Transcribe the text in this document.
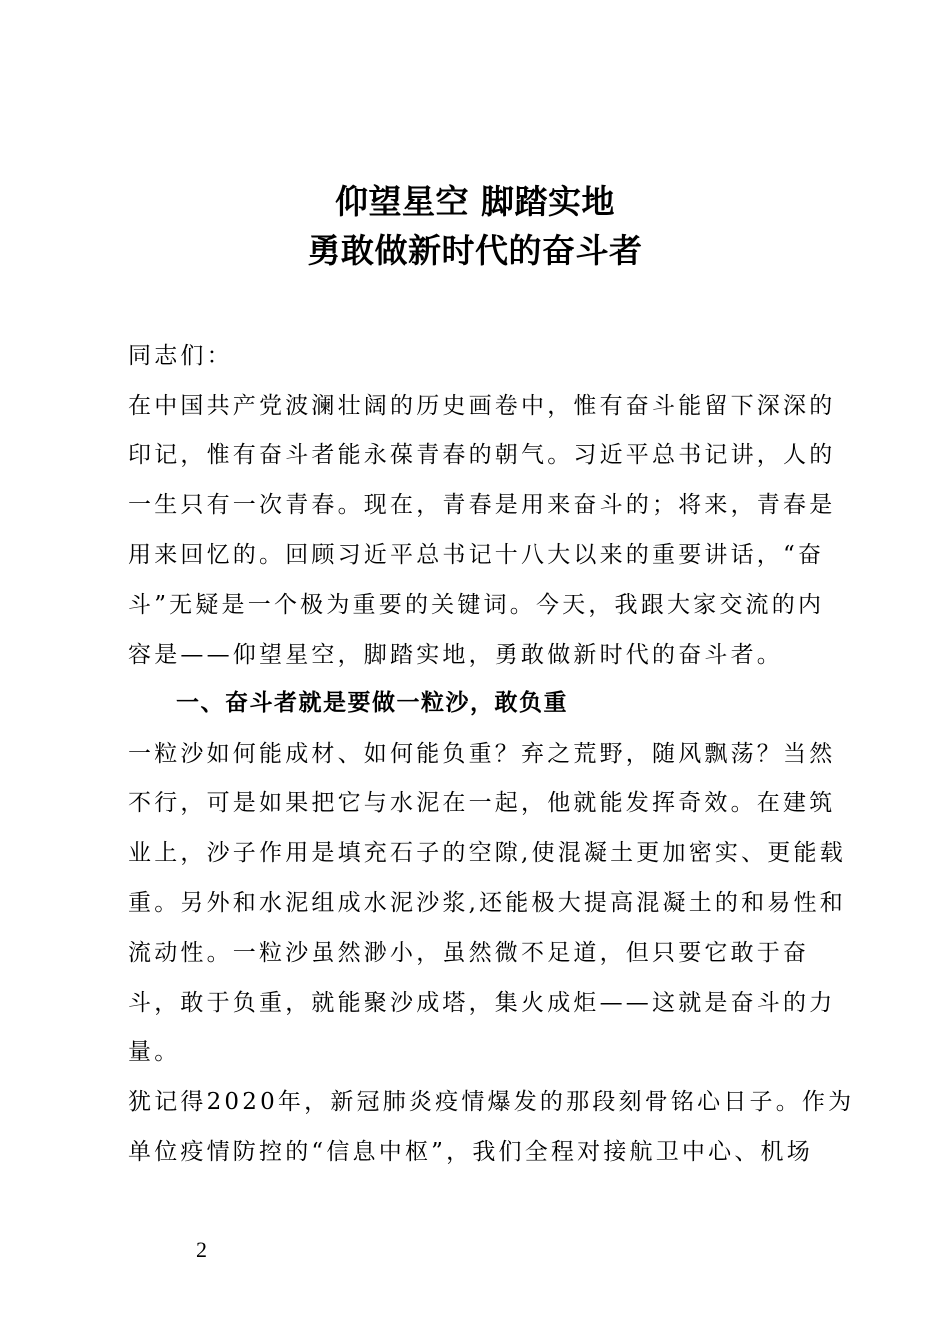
仰望星空 脚踏实地
勇敢做新时代的奋斗者
同志们：
在中国共产党波澜壮阔的历史画卷中，惟有奋斗能留下深深的
印记，惟有奋斗者能永葆青春的朝气。习近平总书记讲，人的
一生只有一次青春。现在，青春是用来奋斗的；将来，青春是
用来回忆的。回顾习近平总书记十八大以来的重要讲话，“奋
斗”无疑是一个极为重要的关键词。今天，我跟大家交流的内
容是——仰望星空，脚踏实地，勇敢做新时代的奋斗者。
一、奋斗者就是要做一粒沙，敢负重
一粒沙如何能成材、如何能负重？弃之荒野，随风飘荡？当然
不行，可是如果把它与水泥在一起，他就能发挥奇效。在建筑
业上，沙子作用是填充石子的空隙,使混凝土更加密实、更能载
重。另外和水泥组成水泥沙浆,还能极大提高混凝土的和易性和
流动性。一粒沙虽然渺小，虽然微不足道，但只要它敢于奋
斗，敢于负重，就能聚沙成塔，集火成炬——这就是奋斗的力
量。
犹记得2020年，新冠肺炎疫情爆发的那段刻骨铭心日子。作为
单位疫情防控的“信息中枢”，我们全程对接航卫中心、机场
2
